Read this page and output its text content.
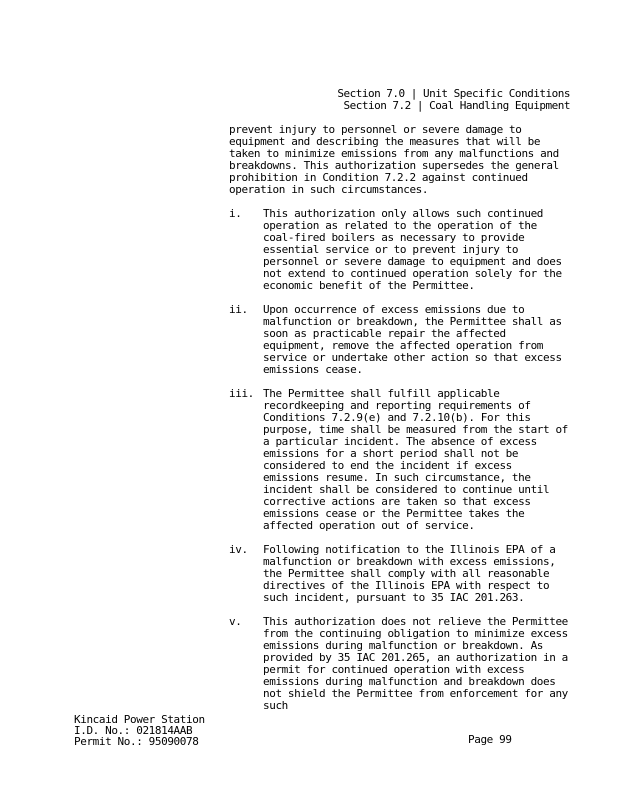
Section 7.0 | Unit Specific Conditions
Section 7.2 | Coal Handling Equipment

prevent injury to personnel or severe damage to equipment and describing the measures that will be taken to minimize emissions from any malfunctions and breakdowns. This authorization supersedes the general prohibition in Condition 7.2.2 against continued operation in such circumstances.

i.	This authorization only allows such continued operation as related to the operation of the coal-fired boilers as necessary to provide essential service or to prevent injury to personnel or severe damage to equipment and does not extend to continued operation solely for the economic benefit of the Permittee.
ii.	Upon occurrence of excess emissions due to malfunction or breakdown, the Permittee shall as soon as practicable repair the affected equipment, remove the affected operation from service or undertake other action so that excess emissions cease.
iii. The Permittee shall fulfill applicable recordkeeping and reporting requirements of Conditions 7.2.9(e) and 7.2.10(b). For this purpose, time shall be measured from the start of a particular incident. The absence of excess emissions for a short period shall not be considered to end the incident if excess emissions resume. In such circumstance, the incident shall be considered to continue until corrective actions are taken so that excess emissions cease or the Permittee takes the affected operation out of service.
iv.	Following notification to the Illinois EPA of a malfunction or breakdown with excess emissions, the Permittee shall comply with all reasonable directives of the Illinois EPA with respect to such incident, pursuant to 35 IAC 201.263.
v.	This authorization does not relieve the Permittee from the continuing obligation to minimize excess emissions during malfunction or breakdown. As provided by 35 IAC 201.265, an authorization in a permit for continued operation with excess emissions during malfunction and breakdown does not shield the Permittee from enforcement for any such
Kincaid Power Station
I.D. No.: 021814AAB
Permit No.: 95090078	Page 99
